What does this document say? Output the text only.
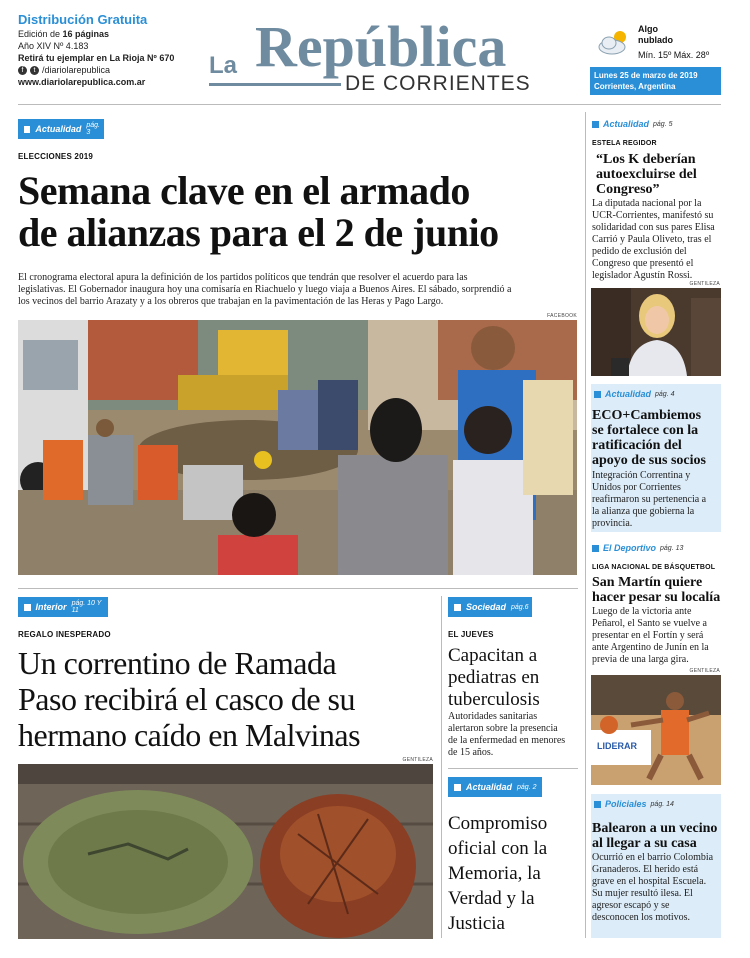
Distribución Gratuita
Edición de 16 páginas
Año XIV Nº 4.183
Retirá tu ejemplar en La Rioja Nº 670
f	t /diariolarepublica
www.diariolarepublica.com.ar
La República
DE CORRIENTES
Algo
nublado
Mín. 15º Máx. 28º
Lunes 25 de marzo de 2019
Corrientes, Argentina
Actualidad pág. 3
ELECCIONES 2019
Semana clave en el armado
de alianzas para el 2 de junio
El cronograma electoral apura la definición de los partidos políticos que tendrán que resolver el acuerdo para las
legislativas. El Gobernador inaugura hoy una comisaría en Riachuelo y luego viaja a Buenos Aires. El sábado, sorprendió a
los vecinos del barrio Arazaty y a los obreros que trabajan en la pavimentación de las Heras y Pago Largo.
FACEBOOK
Interior pág. 10 Y 11
REGALO INESPERADO
Un correntino de Ramada
Paso recibirá el casco de su
hermano caído en Malvinas
GENTILEZA
Sociedad pág.6
EL JUEVES
Capacitan a
pediatras en
tuberculosis
Autoridades sanitarias
alertaron sobre la presencia
de la enfermedad en menores
de 15 años.
Actualidad pág. 2
Compromiso
oficial con la
Memoria, la
Verdad y la
Justicia
Actualidad pág. 5
ESTELA REGIDOR
“Los K deberían
autoexcluirse del
Congreso”
La diputada nacional por la
UCR-Corrientes, manifestó su
solidaridad con sus pares Elisa
Carrió y Paula Oliveto, tras el
pedido de exclusión del
Congreso que presentó el
legislador Agustín Rossi.
GENTILEZA
Actualidad pág. 4
ECO+Cambiemos
se fortalece con la
ratificación del
apoyo de sus socios
Integración Correntina y
Unidos por Corrientes
reafirmaron su pertenencia a
la alianza que gobierna la
provincia.
El Deportivo pág. 13
LIGA NACIONAL DE BÁSQUETBOL
San Martín quiere
hacer pesar su localía
Luego de la victoria ante
Peñarol, el Santo se vuelve a
presentar en el Fortín y será
ante Argentino de Junín en la
previa de una larga gira.
GENTILEZA
LIDERAR
Policiales pág. 14
Balearon a un vecino
al llegar a su casa
Ocurrió en el barrio Colombia
Granaderos. El herido está
grave en el hospital Escuela.
Su mujer resultó ilesa. El
agresor escapó y se
desconocen los motivos.
